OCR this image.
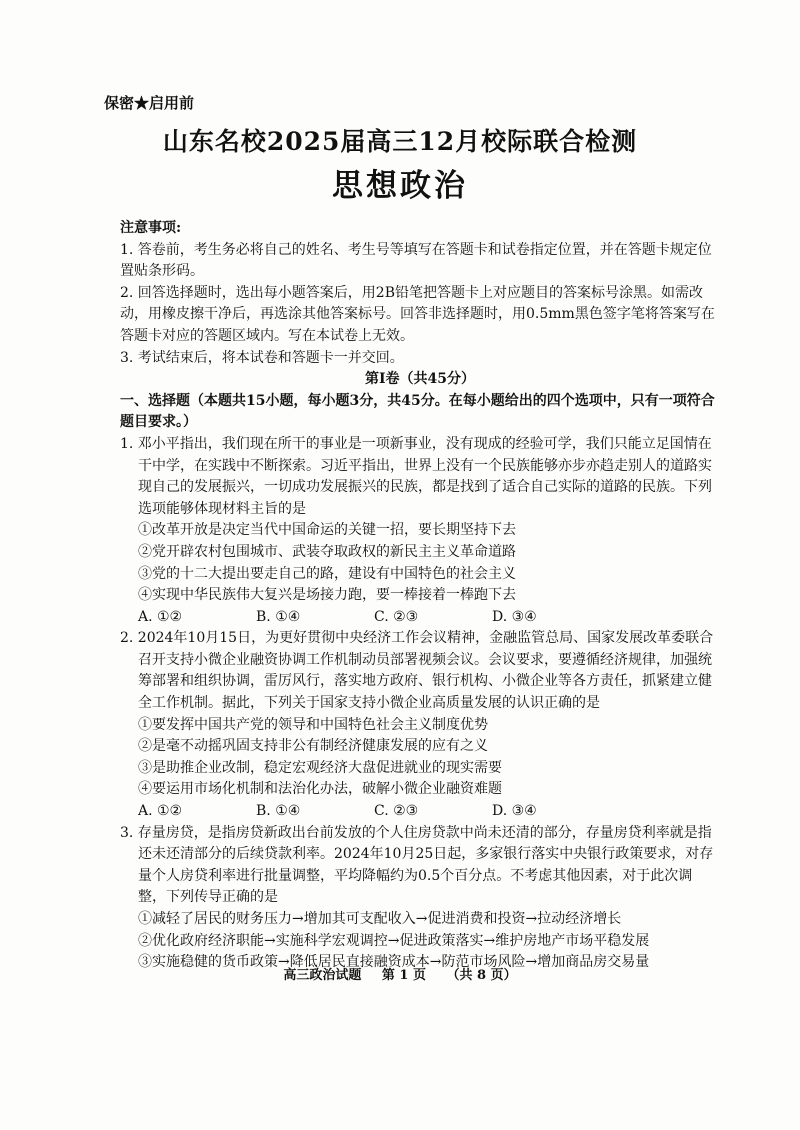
保密★启用前
山东名校2025届高三12月校际联合检测
思想政治

注意事项:

1. 答卷前，考生务必将自己的姓名、考生号等填写在答题卡和试卷指定位置，并在答题卡规定位置贴条形码。

2. 回答选择题时，选出每小题答案后，用2B铅笔把答题卡上对应题目的答案标号涂黑。如需改动，用橡皮擦干净后，再选涂其他答案标号。回答非选择题时，用0.5mm黑色签字笔将答案写在答题卡对应的答题区域内。写在本试卷上无效。

3. 考试结束后，将本试卷和答题卡一并交回。

第Ⅰ卷（共45分）

一、选择题（本题共15小题，每小题3分，共45分。在每小题给出的四个选项中，只有一项符合题目要求。）

1. 邓小平指出，我们现在所干的事业是一项新事业，没有现成的经验可学，我们只能立足国情在干中学，在实践中不断探索。习近平指出，世界上没有一个民族能够亦步亦趋走别人的道路实现自己的发展振兴，一切成功发展振兴的民族，都是找到了适合自己实际的道路的民族。下列选项能够体现材料主旨的是

①改革开放是决定当代中国命运的关键一招，要长期坚持下去

②党开辟农村包围城市、武装夺取政权的新民主主义革命道路

③党的十二大提出要走自己的路，建设有中国特色的社会主义

④实现中华民族伟大复兴是场接力跑，要一棒接着一棒跑下去

A. ①②	B. ①④	C. ②③	D. ③④

2. 2024年10月15日，为更好贯彻中央经济工作会议精神，金融监管总局、国家发展改革委联合召开支持小微企业融资协调工作机制动员部署视频会议。会议要求，要遵循经济规律，加强统筹部署和组织协调，雷厉风行，落实地方政府、银行机构、小微企业等各方责任，抓紧建立健全工作机制。据此，下列关于国家支持小微企业高质量发展的认识正确的是

①要发挥中国共产党的领导和中国特色社会主义制度优势

②是毫不动摇巩固支持非公有制经济健康发展的应有之义

③是助推企业改制，稳定宏观经济大盘促进就业的现实需要

④要运用市场化机制和法治化办法，破解小微企业融资难题

A. ①②	B. ①④	C. ②③	D. ③④

3. 存量房贷，是指房贷新政出台前发放的个人住房贷款中尚未还清的部分，存量房贷利率就是指还未还清部分的后续贷款利率。2024年10月25日起，多家银行落实中央银行政策要求，对存量个人房贷利率进行批量调整，平均降幅约为0.5个百分点。不考虑其他因素，对于此次调整，下列传导正确的是

①减轻了居民的财务压力→增加其可支配收入→促进消费和投资→拉动经济增长

②优化政府经济职能→实施科学宏观调控→促进政策落实→维护房地产市场平稳发展

③实施稳健的货币政策→降低居民直接融资成本→防范市场风险→增加商品房交易量

高三政治试题 第 1 页 （共 8 页）
